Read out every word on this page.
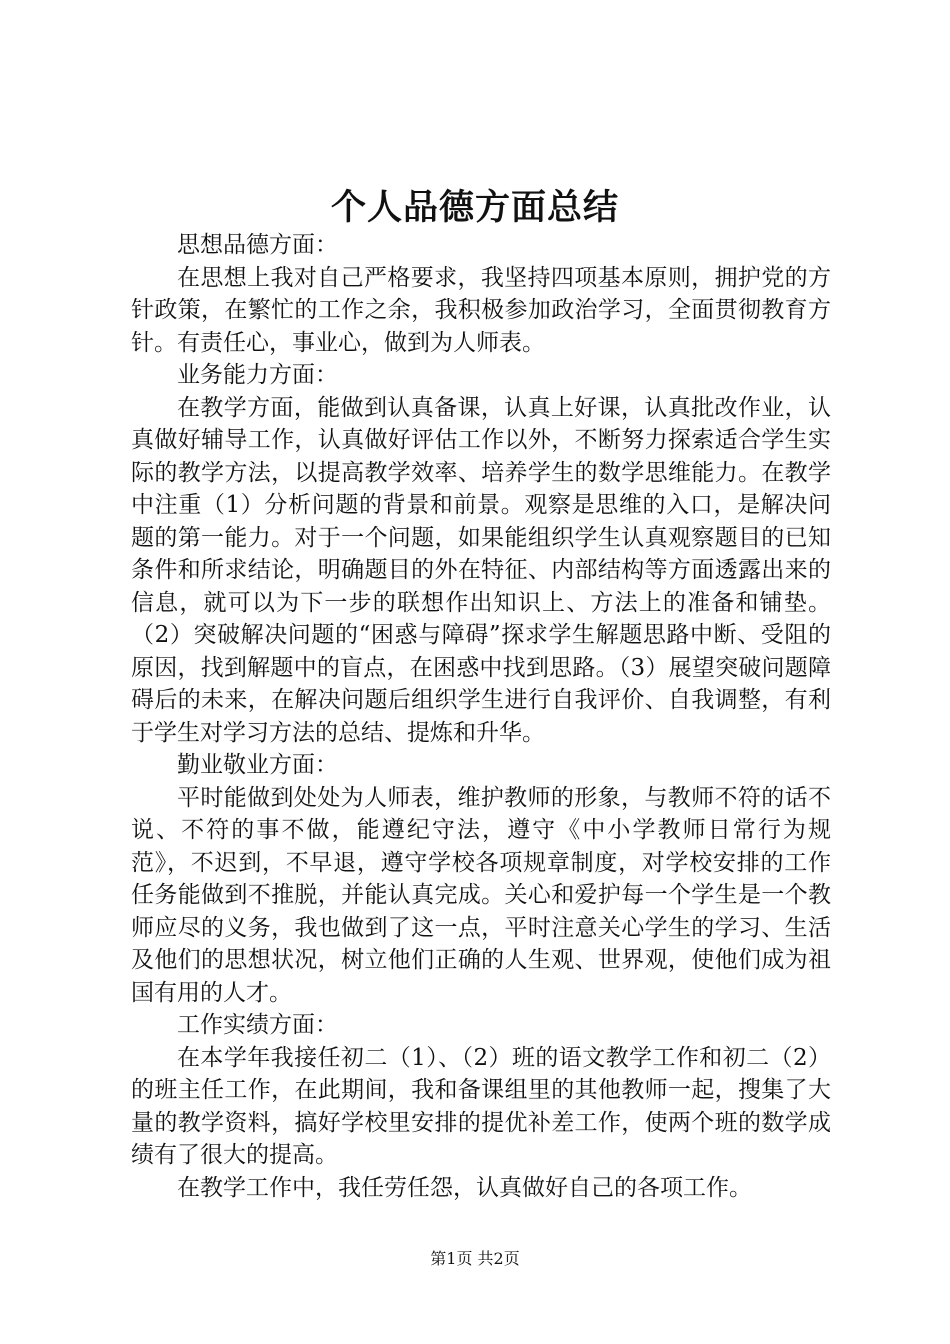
个人品德方面总结

思想品德方面：

在思想上我对自己严格要求，我坚持四项基本原则，拥护党的方针政策，在繁忙的工作之余，我积极参加政治学习，全面贯彻教育方针。有责任心，事业心，做到为人师表。

业务能力方面：

在教学方面，能做到认真备课，认真上好课，认真批改作业，认真做好辅导工作，认真做好评估工作以外，不断努力探索适合学生实际的教学方法，以提高教学效率、培养学生的数学思维能力。在教学中注重（1）分析问题的背景和前景。观察是思维的入口，是解决问题的第一能力。对于一个问题，如果能组织学生认真观察题目的已知条件和所求结论，明确题目的外在特征、内部结构等方面透露出来的信息，就可以为下一步的联想作出知识上、方法上的准备和铺垫。（2）突破解决问题的“困惑与障碍”探求学生解题思路中断、受阻的原因，找到解题中的盲点，在困惑中找到思路。（3）展望突破问题障碍后的未来，在解决问题后组织学生进行自我评价、自我调整，有利于学生对学习方法的总结、提炼和升华。

勤业敬业方面：

平时能做到处处为人师表，维护教师的形象，与教师不符的话不说、不符的事不做，能遵纪守法，遵守《中小学教师日常行为规范》，不迟到，不早退，遵守学校各项规章制度，对学校安排的工作任务能做到不推脱，并能认真完成。关心和爱护每一个学生是一个教师应尽的义务，我也做到了这一点，平时注意关心学生的学习、生活及他们的思想状况，树立他们正确的人生观、世界观，使他们成为祖国有用的人才。

工作实绩方面：

在本学年我接任初二（1）、（2）班的语文教学工作和初二（2）的班主任工作，在此期间，我和备课组里的其他教师一起，搜集了大量的教学资料，搞好学校里安排的提优补差工作，使两个班的数学成绩有了很大的提高。

在教学工作中，我任劳任怨，认真做好自己的各项工作。

第1页 共2页
